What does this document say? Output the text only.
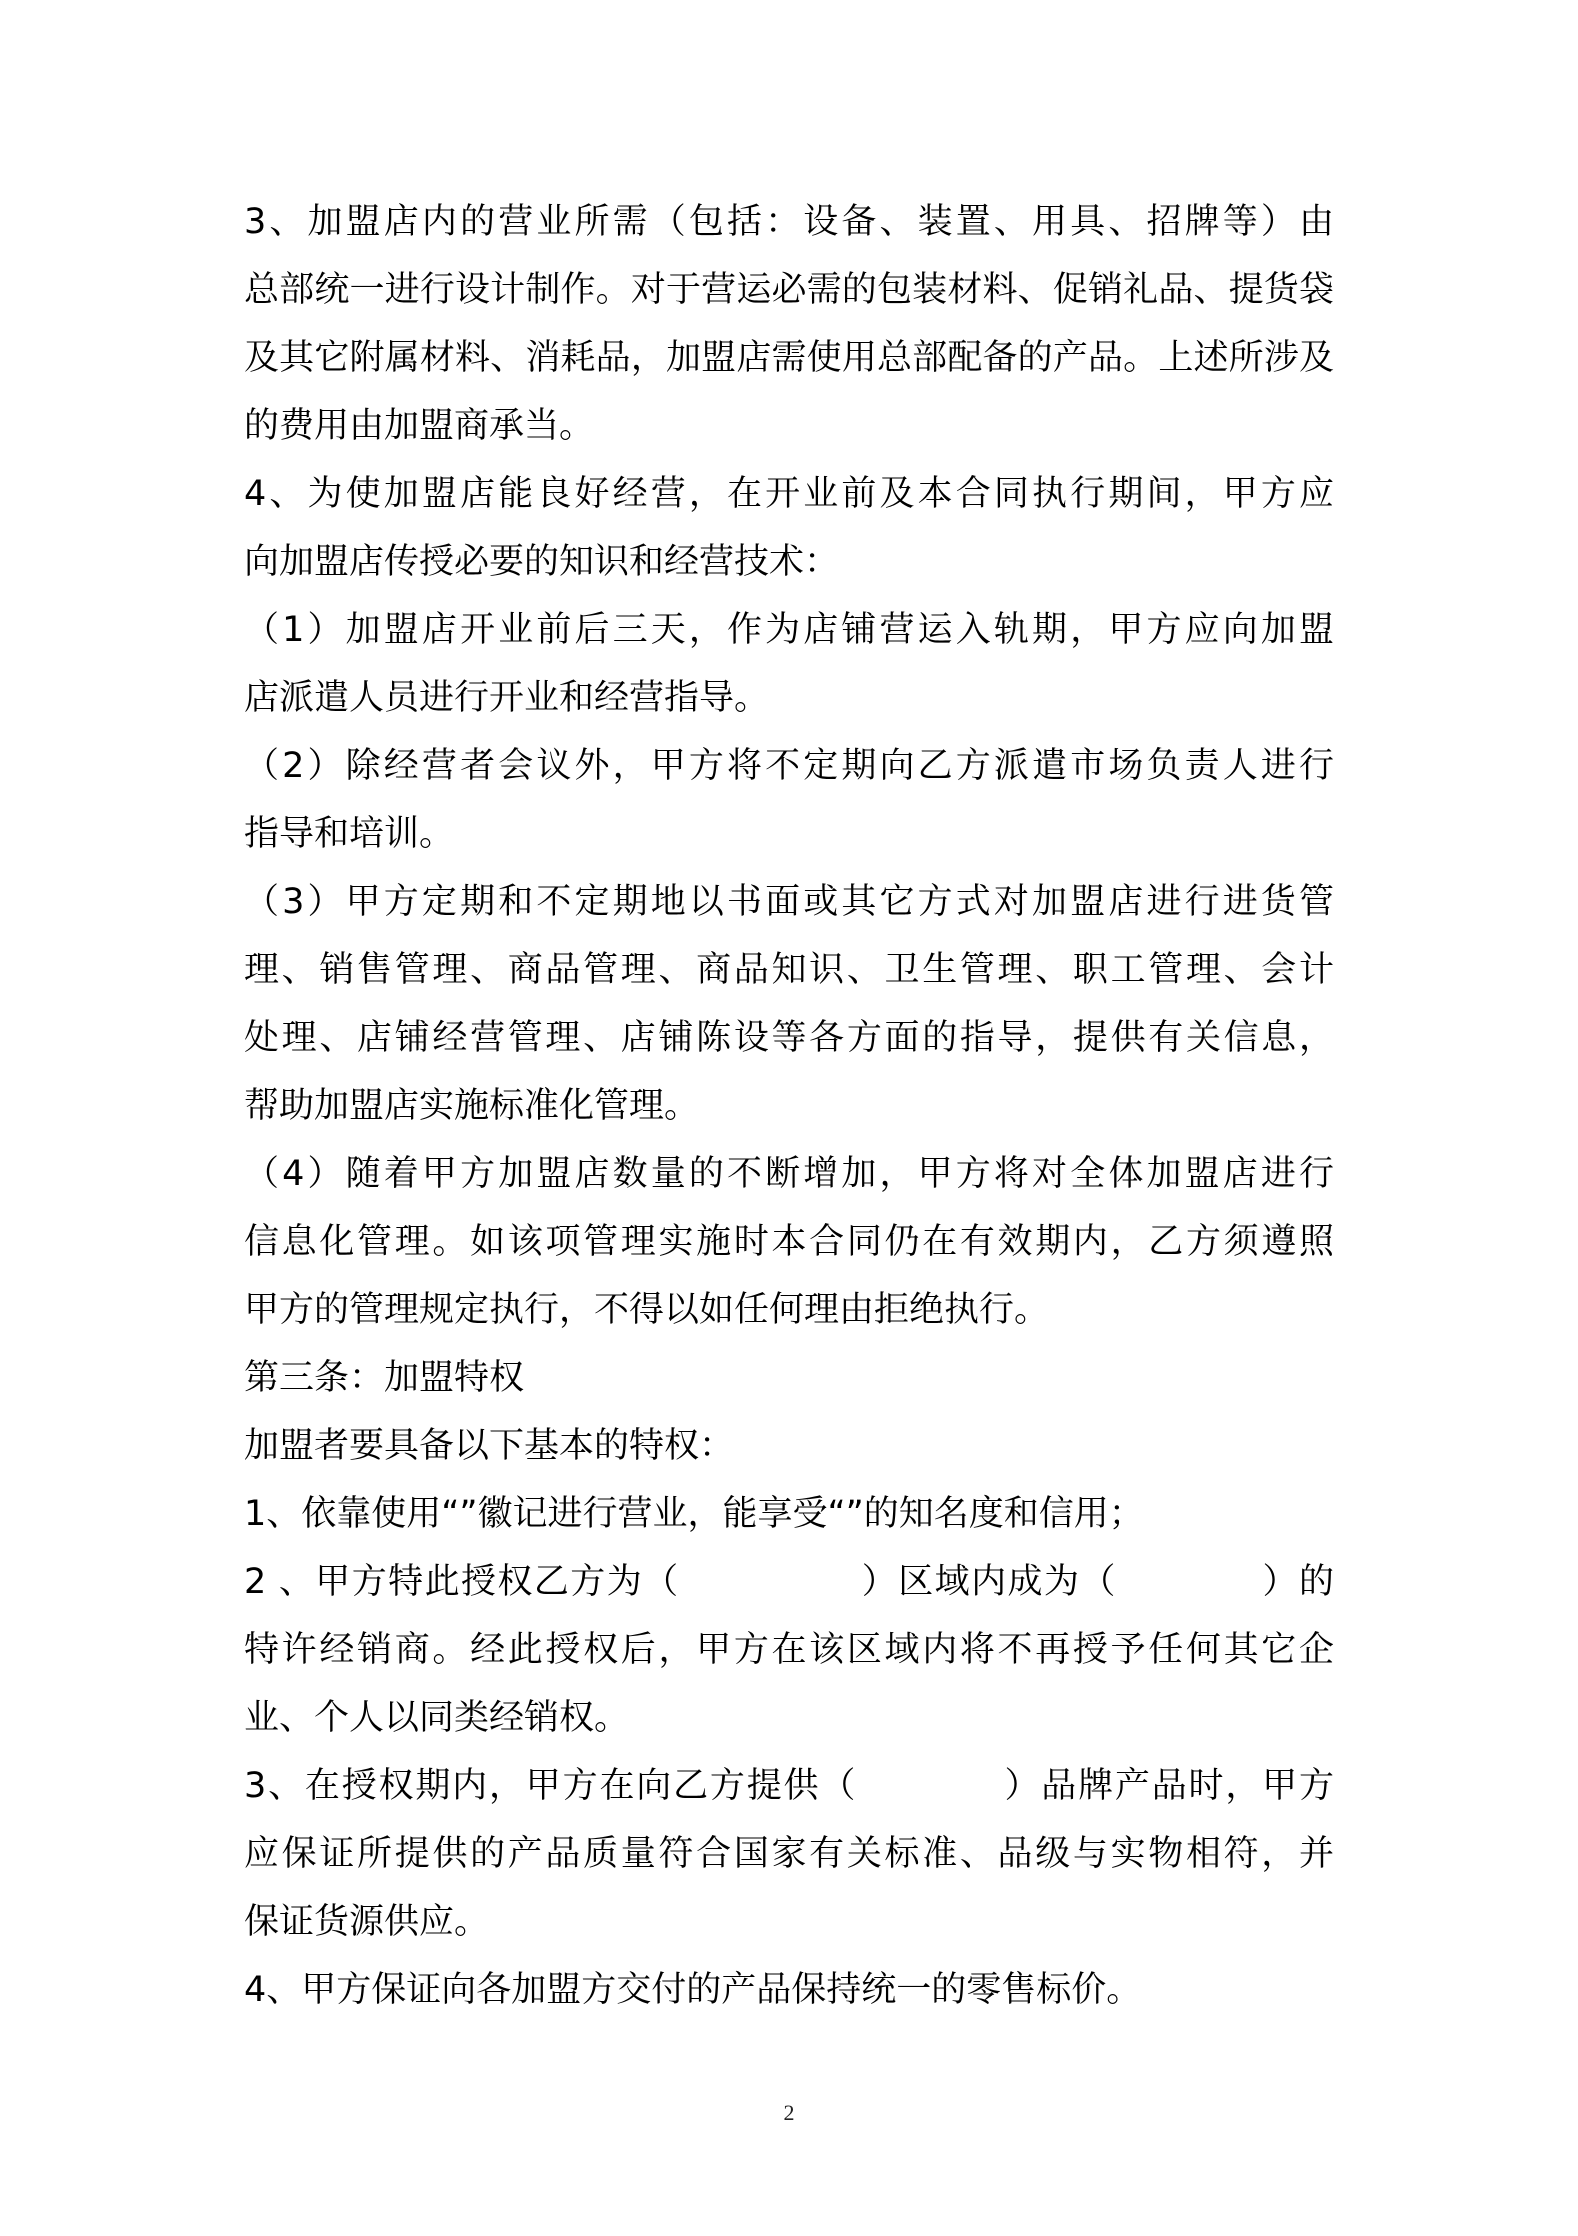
3、加盟店内的营业所需（包括：设备、装置、用具、招牌等）由
总部统一进行设计制作。对于营运必需的包装材料、促销礼品、提货袋
及其它附属材料、消耗品，加盟店需使用总部配备的产品。上述所涉及
的费用由加盟商承当。
4、为使加盟店能良好经营，在开业前及本合同执行期间，甲方应
向加盟店传授必要的知识和经营技术：
（1）加盟店开业前后三天，作为店铺营运入轨期，甲方应向加盟
店派遣人员进行开业和经营指导。
（2）除经营者会议外，甲方将不定期向乙方派遣市场负责人进行
指导和培训。
（3）甲方定期和不定期地以书面或其它方式对加盟店进行进货管
理、销售管理、商品管理、商品知识、卫生管理、职工管理、会计
处理、店铺经营管理、店铺陈设等各方面的指导，提供有关信息，
帮助加盟店实施标准化管理。
（4）随着甲方加盟店数量的不断增加，甲方将对全体加盟店进行
信息化管理。如该项管理实施时本合同仍在有效期内，乙方须遵照
甲方的管理规定执行，不得以如任何理由拒绝执行。
第三条：加盟特权
加盟者要具备以下基本的特权：
1、依靠使用“”徽记进行营业，能享受“”的知名度和信用；
2 、甲方特此授权乙方为（　　　　　）区域内成为（　　　　）的
特许经销商。经此授权后，甲方在该区域内将不再授予任何其它企
业、个人以同类经销权。
3、在授权期内，甲方在向乙方提供（　　　　）品牌产品时，甲方
应保证所提供的产品质量符合国家有关标准、品级与实物相符，并
保证货源供应。
4、甲方保证向各加盟方交付的产品保持统一的零售标价。
2
